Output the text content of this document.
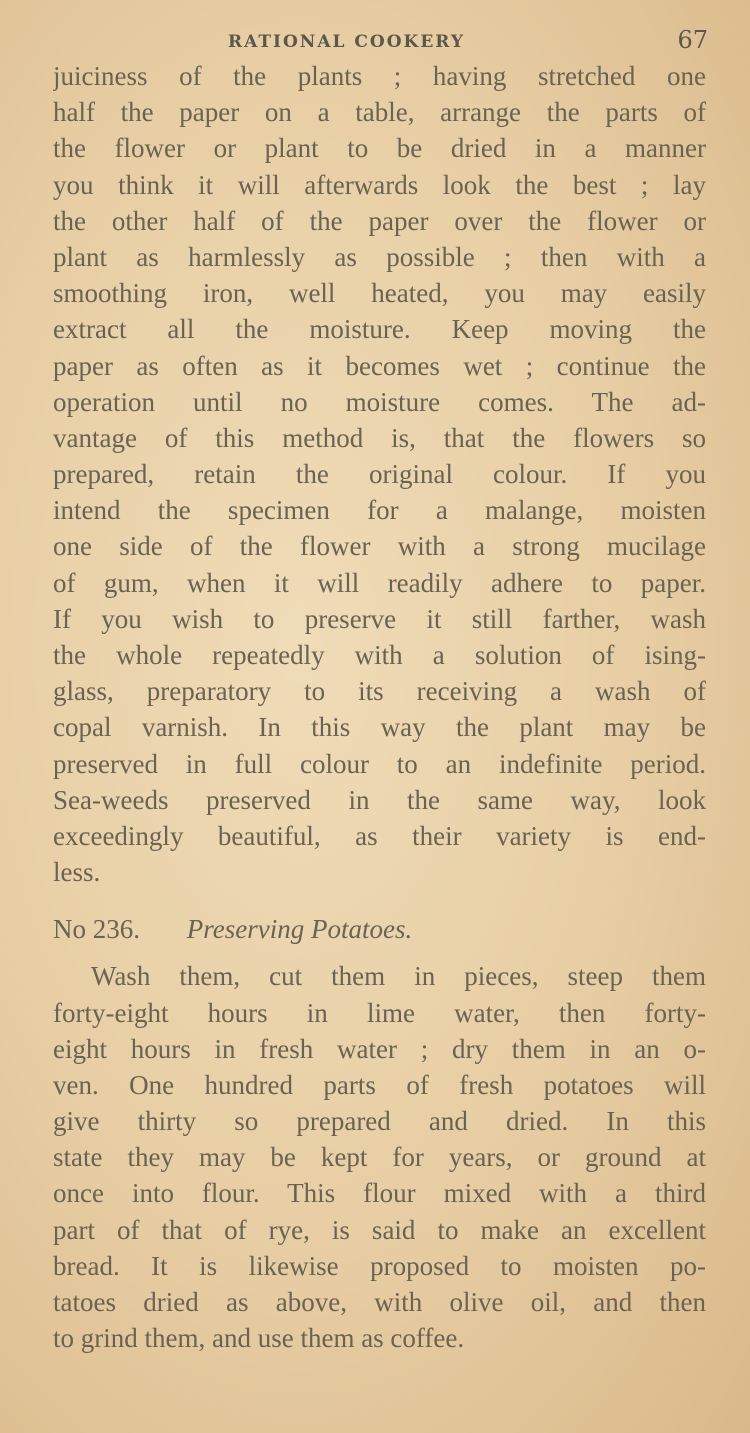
RATIONAL COOKERY	67
juiciness of the plants ; having stretched one
half the paper on a table, arrange the parts of
the flower or plant to be dried in a manner
you think it will afterwards look the best ; lay
the other half of the paper over the flower or
plant as harmlessly as possible ; then with a
smoothing iron, well heated, you may easily
extract all the moisture. Keep moving the
paper as often as it becomes wet ; continue the
operation until no moisture comes. The ad-
vantage of this method is, that the flowers so
prepared, retain the original colour. If you
intend the specimen for a malange, moisten
one side of the flower with a strong mucilage
of gum, when it will readily adhere to paper.
If you wish to preserve it still farther, wash
the whole repeatedly with a solution of ising-
glass, preparatory to its receiving a wash of
copal varnish. In this way the plant may be
preserved in full colour to an indefinite period.
Sea-weeds preserved in the same way, look
exceedingly beautiful, as their variety is end-
less.
No 236. Preserving Potatoes.
Wash them, cut them in pieces, steep them
forty-eight hours in lime water, then forty-
eight hours in fresh water ; dry them in an o-
ven. One hundred parts of fresh potatoes will
give thirty so prepared and dried. In this
state they may be kept for years, or ground at
once into flour. This flour mixed with a third
part of that of rye, is said to make an excellent
bread. It is likewise proposed to moisten po-
tatoes dried as above, with olive oil, and then
to grind them, and use them as coffee.
